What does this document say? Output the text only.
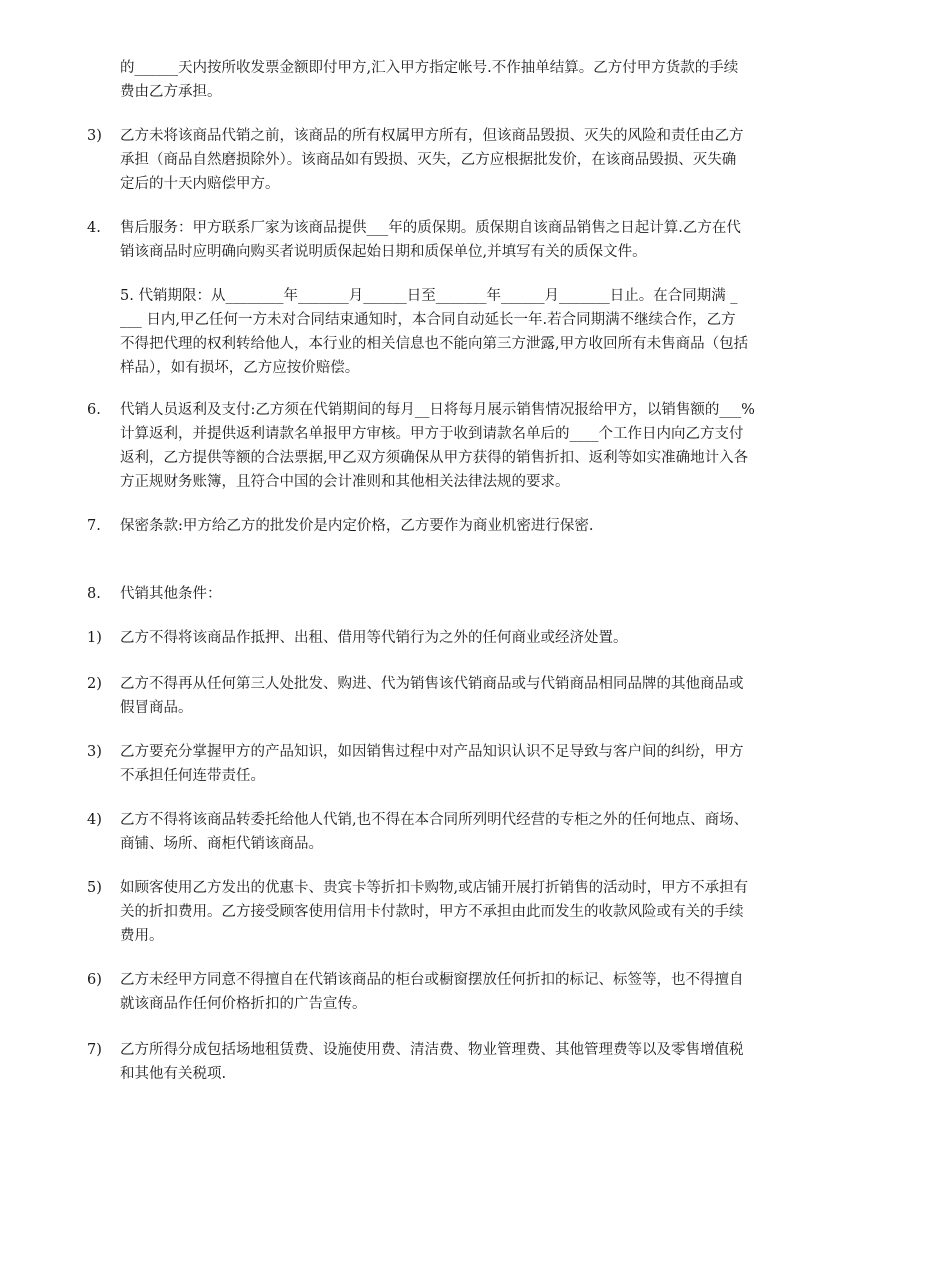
的______天内按所收发票金额即付甲方,汇入甲方指定帐号.不作抽单结算。乙方付甲方货款的手续
费由乙方承担。
3)	乙方未将该商品代销之前，该商品的所有权属甲方所有，但该商品毁损、灭失的风险和责任由乙方
承担（商品自然磨损除外）。该商品如有毁损、灭失，乙方应根据批发价，在该商品毁损、灭失确
定后的十天内赔偿甲方。
4.	售后服务：甲方联系厂家为该商品提供___年的质保期。质保期自该商品销售之日起计算.乙方在代
销该商品时应明确向购买者说明质保起始日期和质保单位,并填写有关的质保文件。
5. 代销期限：从________年_______月______日至_______年______月_______日止。在合同期满 _
___ 日内,甲乙任何一方未对合同结束通知时，本合同自动延长一年.若合同期满不继续合作，乙方
不得把代理的权利转给他人，本行业的相关信息也不能向第三方泄露,甲方收回所有未售商品（包括
样品），如有损坏，乙方应按价赔偿。
6.	代销人员返利及支付:乙方须在代销期间的每月__日将每月展示销售情况报给甲方，以销售额的___%
计算返利，并提供返利请款名单报甲方审核。甲方于收到请款名单后的____个工作日内向乙方支付
返利，乙方提供等额的合法票据,甲乙双方须确保从甲方获得的销售折扣、返利等如实准确地计入各
方正规财务账簿，且符合中国的会计准则和其他相关法律法规的要求。
7.	保密条款:甲方给乙方的批发价是内定价格，乙方要作为商业机密进行保密.
8.	代销其他条件：
1)	乙方不得将该商品作抵押、出租、借用等代销行为之外的任何商业或经济处置。
2)	乙方不得再从任何第三人处批发、购进、代为销售该代销商品或与代销商品相同品牌的其他商品或
假冒商品。
3)	乙方要充分掌握甲方的产品知识，如因销售过程中对产品知识认识不足导致与客户间的纠纷，甲方
不承担任何连带责任。
4)	乙方不得将该商品转委托给他人代销,也不得在本合同所列明代经营的专柜之外的任何地点、商场、
商铺、场所、商柜代销该商品。
5)	如顾客使用乙方发出的优惠卡、贵宾卡等折扣卡购物,或店铺开展打折销售的活动时，甲方不承担有
关的折扣费用。乙方接受顾客使用信用卡付款时，甲方不承担由此而发生的收款风险或有关的手续
费用。
6)	乙方未经甲方同意不得擅自在代销该商品的柜台或橱窗摆放任何折扣的标记、标签等，也不得擅自
就该商品作任何价格折扣的广告宣传。
7)	乙方所得分成包括场地租赁费、设施使用费、清洁费、物业管理费、其他管理费等以及零售增值税
和其他有关税项.
